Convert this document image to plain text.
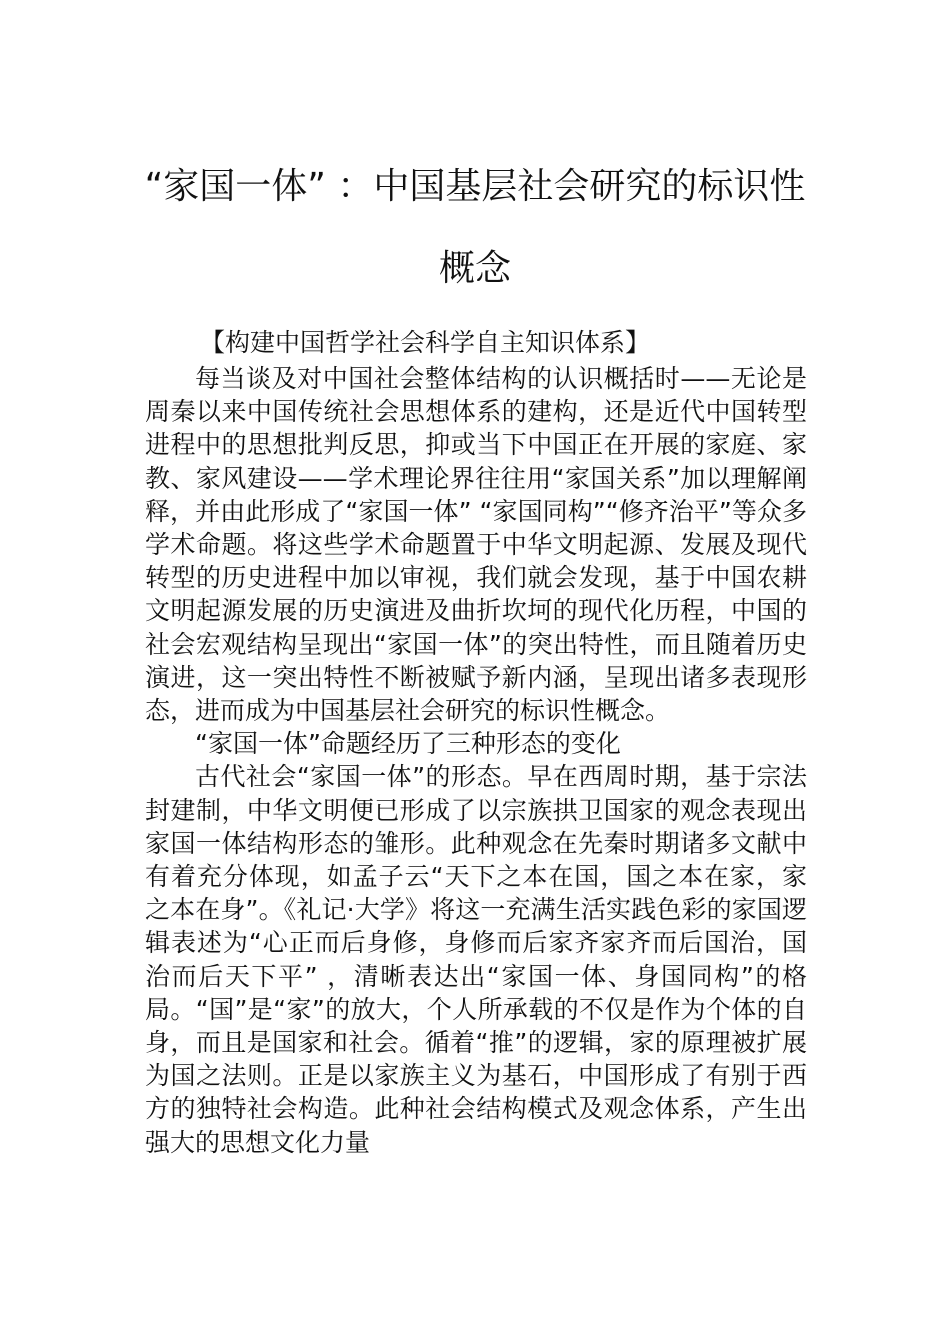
“家国一体” ：中国基层社会研究的标识性概念

【构建中国哲学社会科学自主知识体系】

每当谈及对中国社会整体结构的认识概括时——无论是周秦以来中国传统社会思想体系的建构，还是近代中国转型进程中的思想批判反思，抑或当下中国正在开展的家庭、家教、家风建设——学术理论界往往用“家国关系”加以理解阐释，并由此形成了“家国一体” “家国同构”“修齐治平”等众多学术命题。将这些学术命题置于中华文明起源、发展及现代转型的历史进程中加以审视，我们就会发现，基于中国农耕文明起源发展的历史演进及曲折坎坷的现代化历程，中国的社会宏观结构呈现出“家国一体”的突出特性，而且随着历史演进，这一突出特性不断被赋予新内涵，呈现出诸多表现形态，进而成为中国基层社会研究的标识性概念。

“家国一体”命题经历了三种形态的变化

古代社会“家国一体”的形态。早在西周时期，基于宗法封建制，中华文明便已形成了以宗族拱卫国家的观念表现出家国一体结构形态的雏形。此种观念在先秦时期诸多文献中有着充分体现，如孟子云“天下之本在国，国之本在家，家之本在身”。《礼记·大学》将这一充满生活实践色彩的家国逻辑表述为“心正而后身修，身修而后家齐家齐而后国治，国治而后天下平” ，清晰表达出“家国一体、身国同构”的格局。“国”是“家”的放大，个人所承载的不仅是作为个体的自身，而且是国家和社会。循着“推”的逻辑，家的原理被扩展为国之法则。正是以家族主义为基石，中国形成了有别于西方的独特社会构造。此种社会结构模式及观念体系，产生出强大的思想文化力量
